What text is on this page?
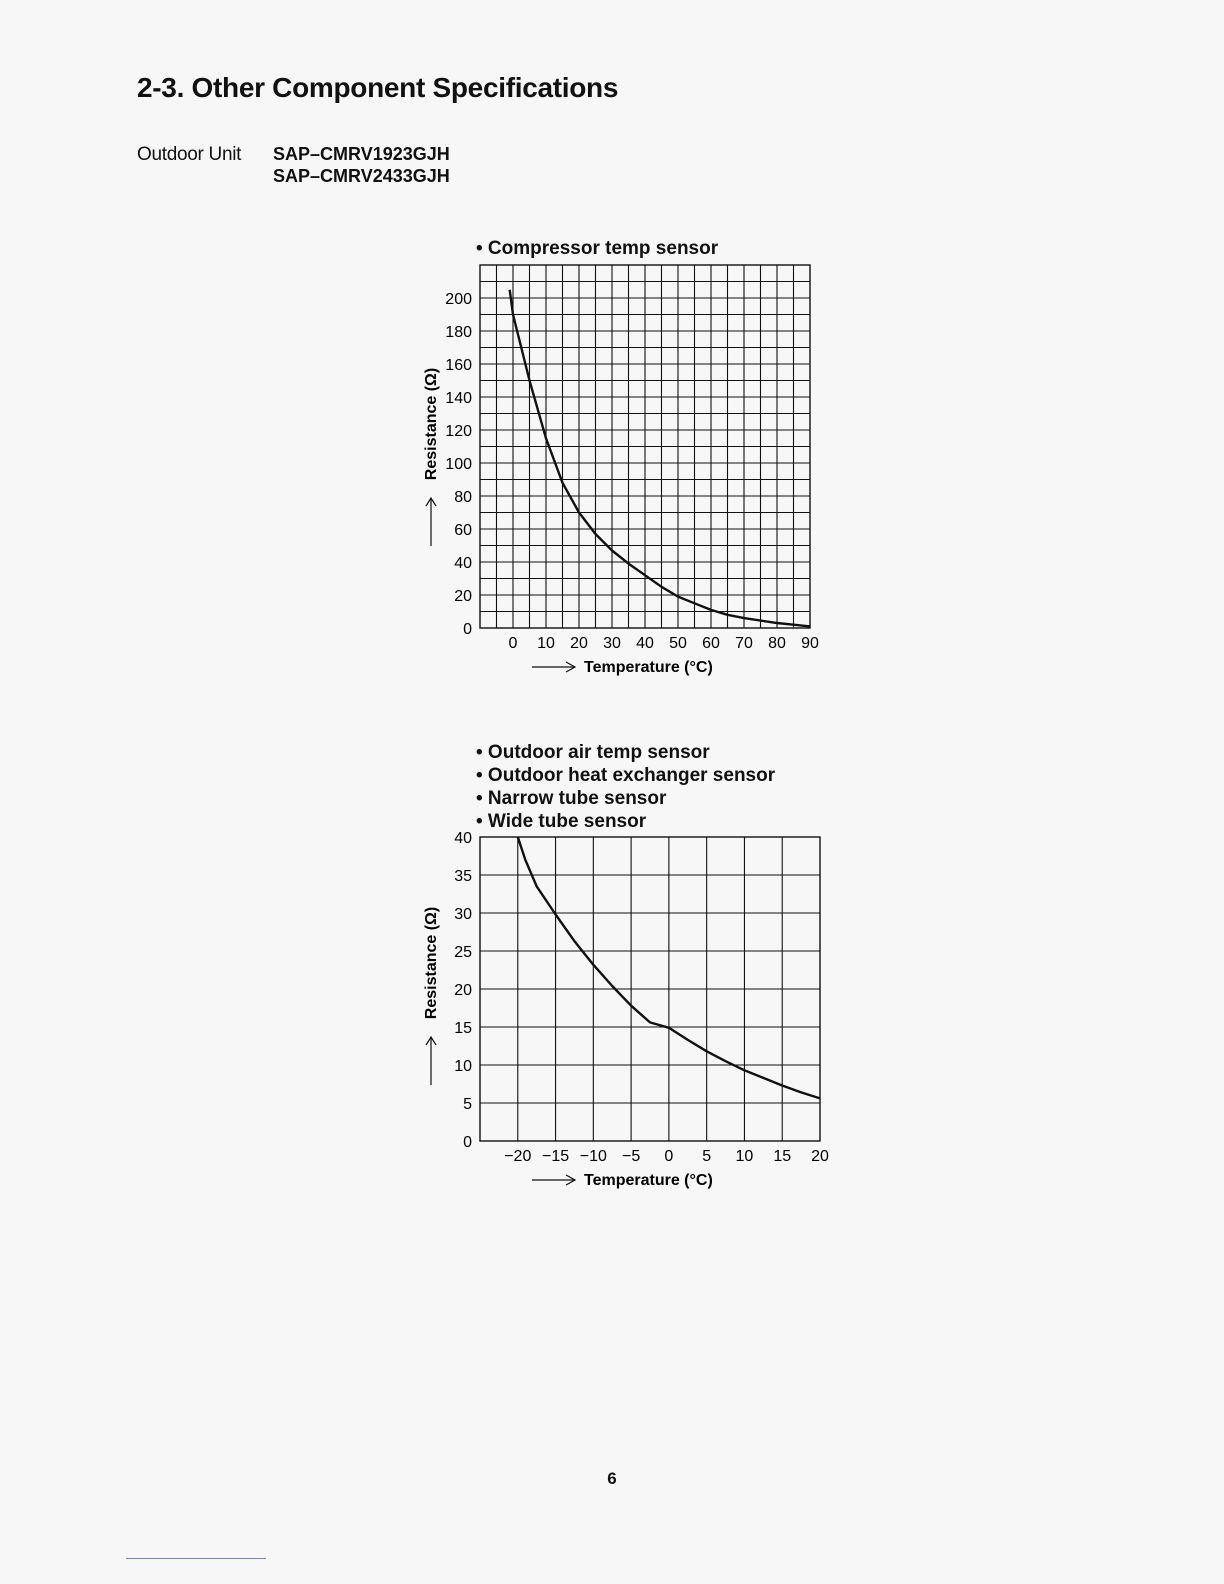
2-3. Other Component Specifications
Outdoor Unit SAP–CMRV1923GJH
SAP–CMRV2433GJH
• Compressor temp sensor
• Outdoor air temp sensor
• Outdoor heat exchanger sensor
• Narrow tube sensor
• Wide tube sensor
0 10 20 30 40 50 60 70 80 90
0
20
40
60
80
100
120
140
160
180
200
Temperature (°C)
Resistance (Ω)
−20 −15 −10 −5 0 5 10 15 20
0
5
10
15
20
25
30
35
40
Temperature (°C)
Resistance (Ω)
6
